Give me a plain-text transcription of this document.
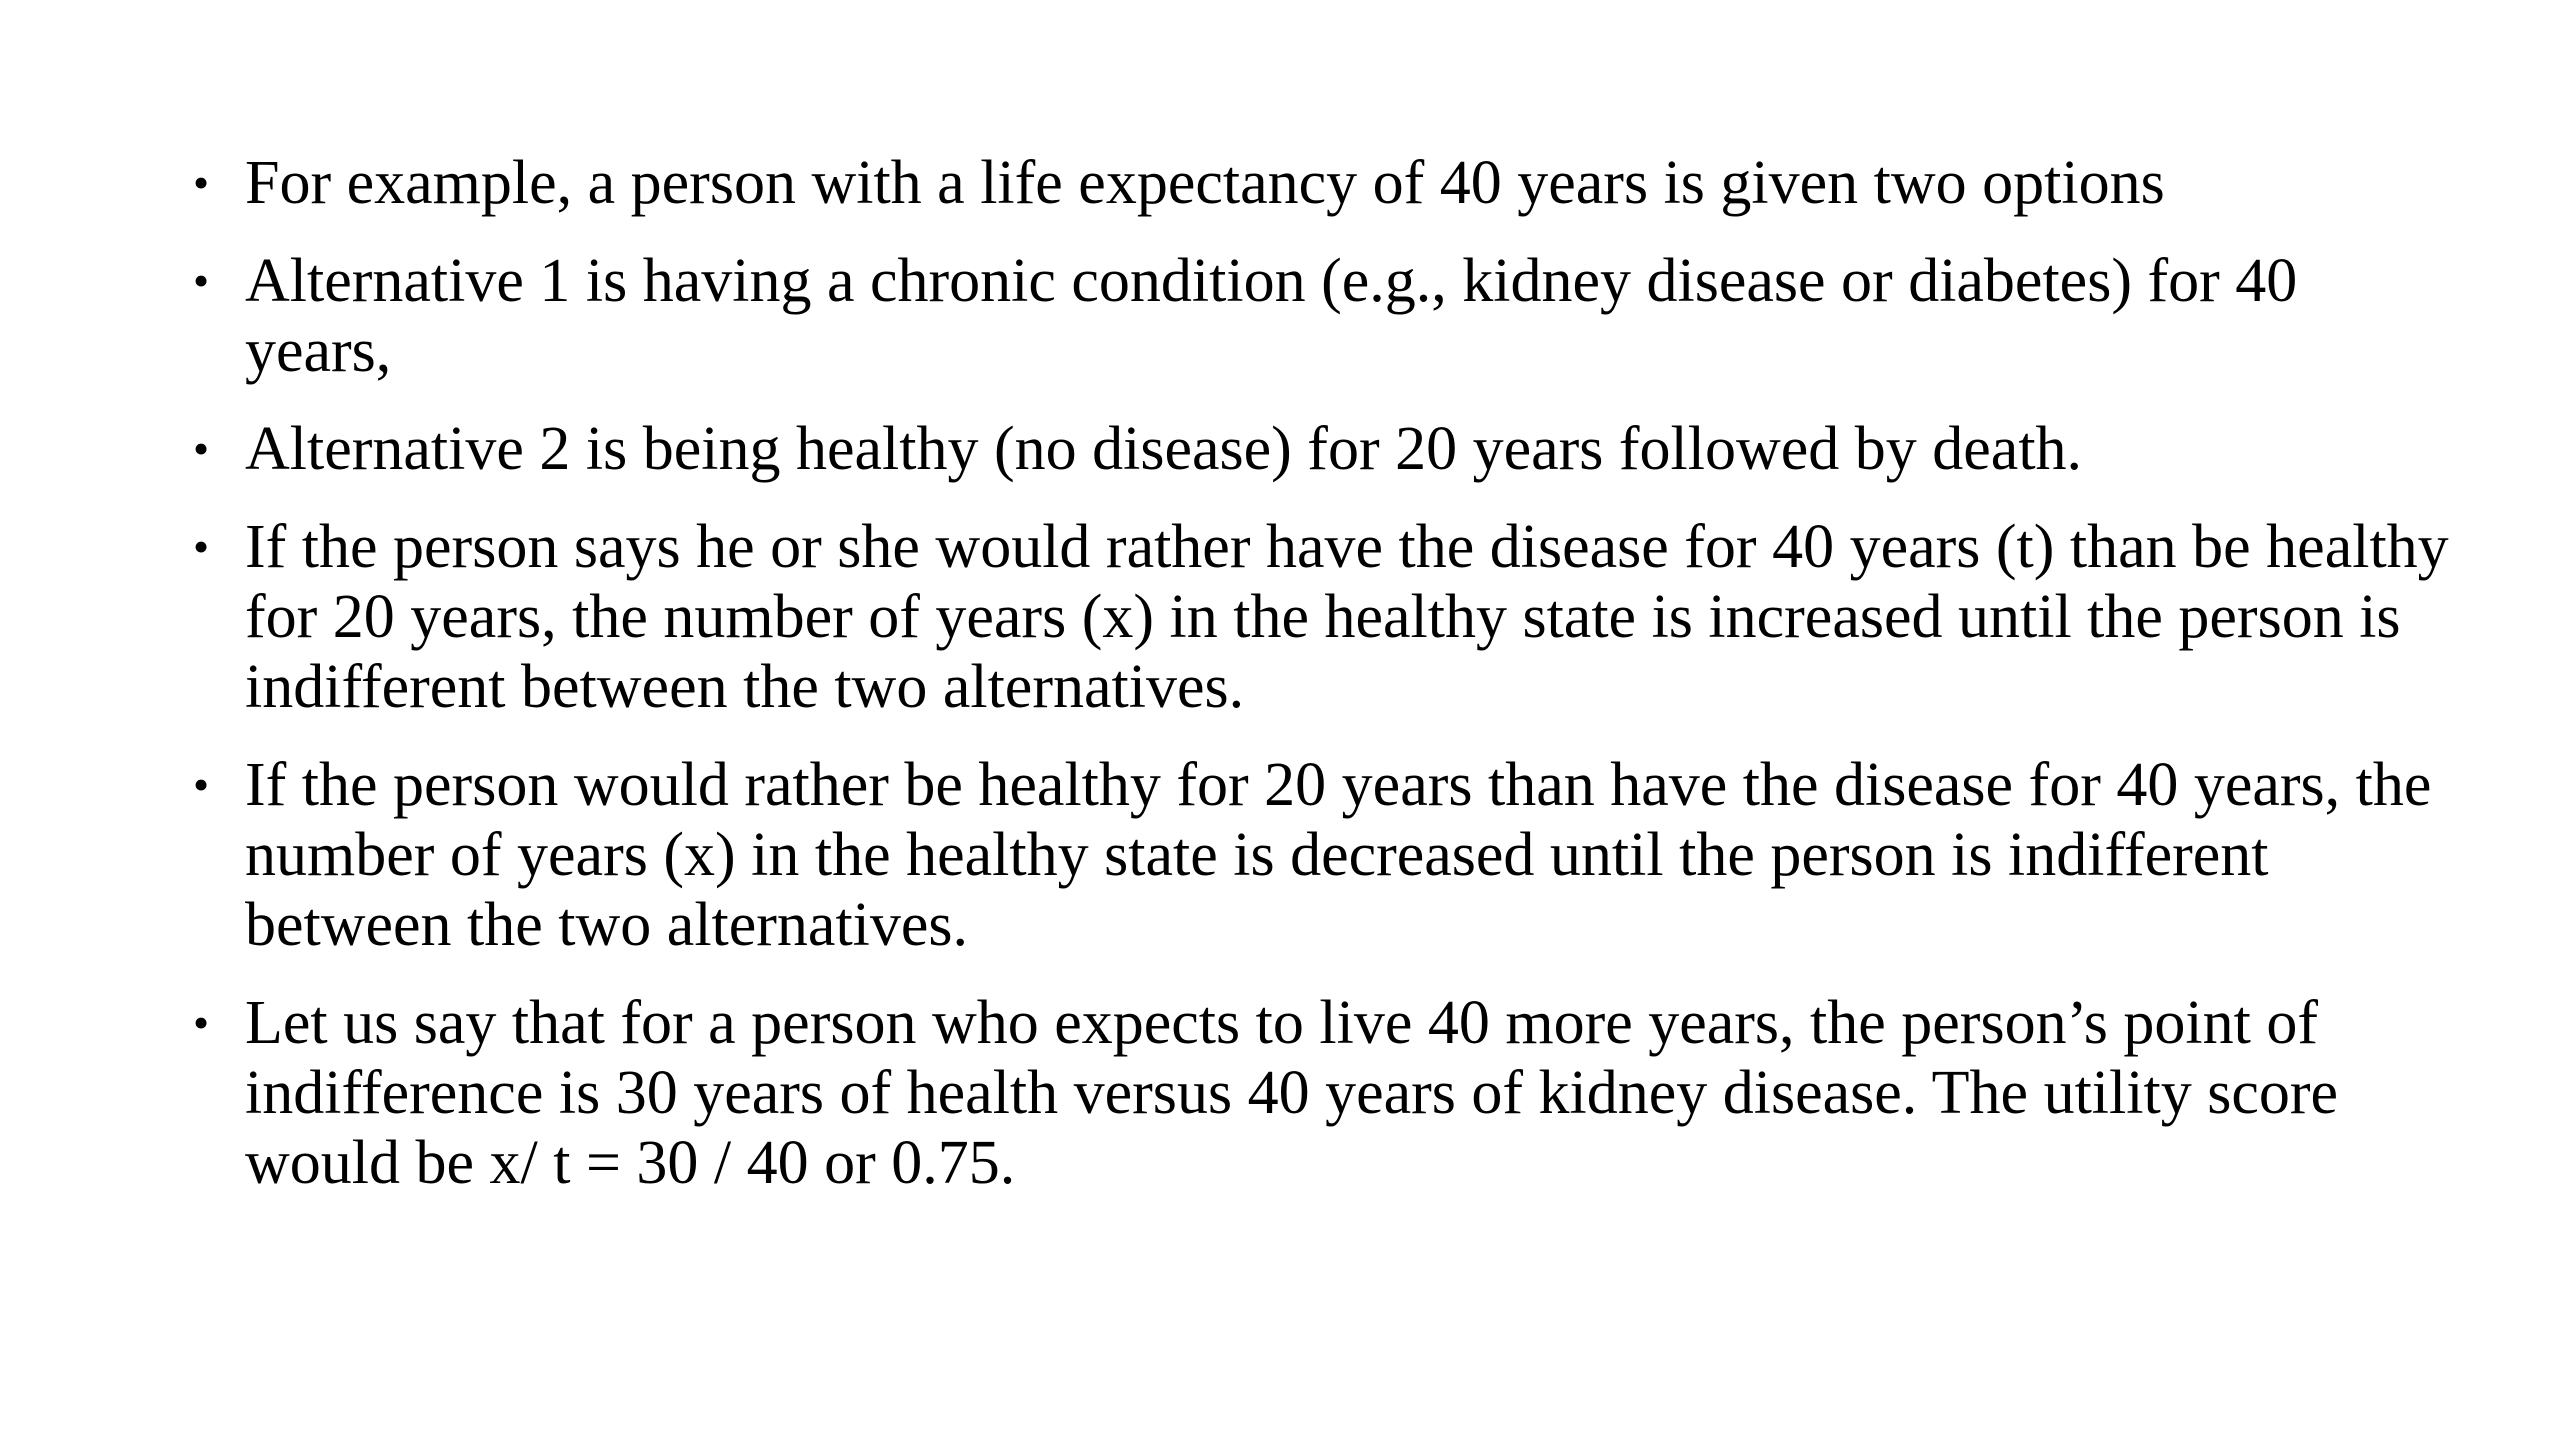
• For example, a person with a life expectancy of 40 years is given two options
• Alternative 1 is having a chronic condition (e.g., kidney disease or diabetes) for 40 years,
• Alternative 2 is being healthy (no disease) for 20 years followed by death.
• If the person says he or she would rather have the disease for 40 years (t) than be healthy for 20 years, the number of years (x) in the healthy state is increased until the person is indifferent between the two alternatives.
• If the person would rather be healthy for 20 years than have the disease for 40 years, the number of years (x) in the healthy state is decreased until the person is indifferent between the two alternatives.
• Let us say that for a person who expects to live 40 more years, the person’s point of indifference is 30 years of health versus 40 years of kidney disease. The utility score would be x/ t = 30 / 40 or 0.75.
